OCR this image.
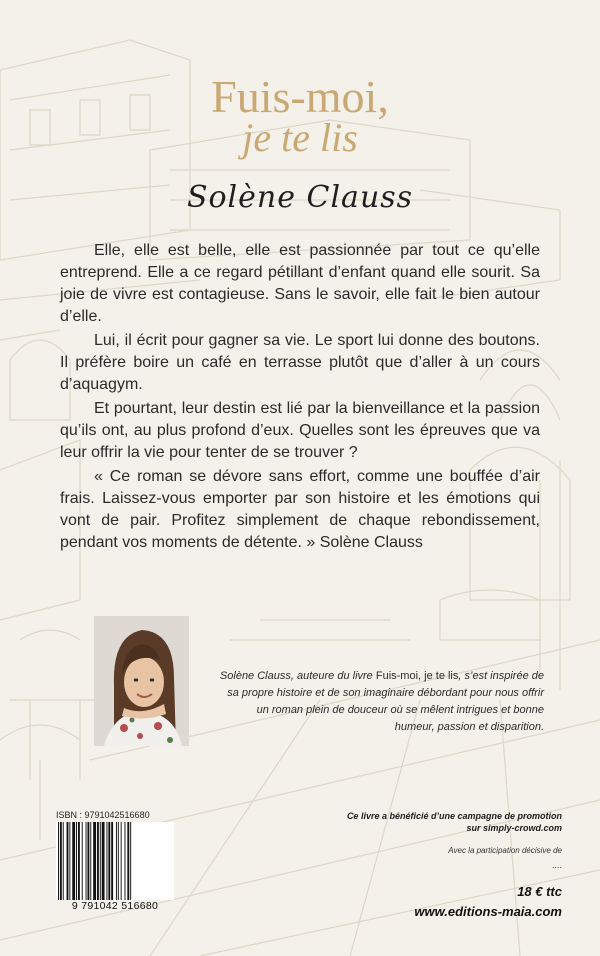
Fuis-moi,
je te lis
Solène Clauss

Elle, elle est belle, elle est passionnée par tout ce qu’elle entreprend. Elle a ce regard pétillant d’enfant quand elle sourit. Sa joie de vivre est contagieuse. Sans le savoir, elle fait le bien autour d’elle.

Lui, il écrit pour gagner sa vie. Le sport lui donne des boutons. Il préfère boire un café en terrasse plutôt que d’aller à un cours d’aquagym.

Et pourtant, leur destin est lié par la bienveillance et la passion qu’ils ont, au plus profond d’eux. Quelles sont les épreuves que va leur offrir la vie pour tenter de se trouver ?

« Ce roman se dévore sans effort, comme une bouffée d’air frais. Laissez-vous emporter par son histoire et les émotions qui vont de pair. Profitez simplement de chaque rebondissement, pendant vos moments de détente. » Solène Clauss

Solène Clauss, auteure du livre Fuis-moi, je te lis, s’est inspirée de sa propre histoire et de son imaginaire débordant pour nous offrir un roman plein de douceur où se mêlent intrigues et bonne humeur, passion et disparition.
ISBN : 9791042516680
9 791042 516680
Ce livre a bénéficié d’une campagne de promotion
sur simply-crowd.com
Avec la participation décisive de
....
18 € ttc
www.editions-maia.com
